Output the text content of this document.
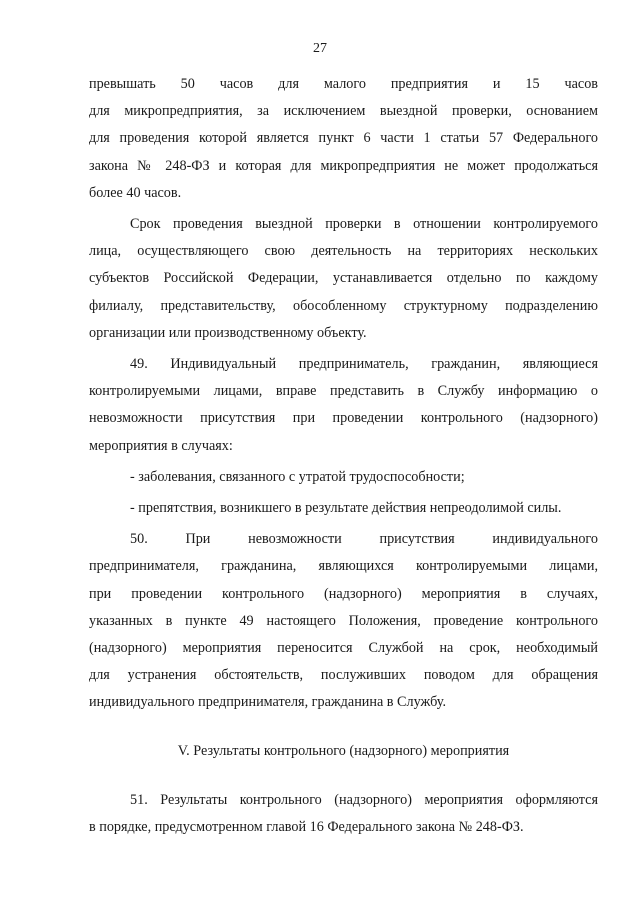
27

превышать 50 часов для малого предприятия и 15 часов
для микропредприятия, за исключением выездной проверки, основанием
для проведения которой является пункт 6 части 1 статьи 57 Федерального
закона № 248-ФЗ и которая для микропредприятия не может продолжаться
более 40 часов.

Срок проведения выездной проверки в отношении контролируемого
лица, осуществляющего свою деятельность на территориях нескольких
субъектов Российской Федерации, устанавливается отдельно по каждому
филиалу, представительству, обособленному структурному подразделению
организации или производственному объекту.

49. Индивидуальный предприниматель, гражданин, являющиеся
контролируемыми лицами, вправе представить в Службу информацию о
невозможности присутствия при проведении контрольного (надзорного)
мероприятия в случаях:

- заболевания, связанного с утратой трудоспособности;

- препятствия, возникшего в результате действия непреодолимой силы.

50. При невозможности присутствия индивидуального
предпринимателя, гражданина, являющихся контролируемыми лицами,
при проведении контрольного (надзорного) мероприятия в случаях,
указанных в пункте 49 настоящего Положения, проведение контрольного
(надзорного) мероприятия переносится Службой на срок, необходимый
для устранения обстоятельств, послуживших поводом для обращения
индивидуального предпринимателя, гражданина в Службу.

V. Результаты контрольного (надзорного) мероприятия

51. Результаты контрольного (надзорного) мероприятия оформляются
в порядке, предусмотренном главой 16 Федерального закона № 248-ФЗ.
